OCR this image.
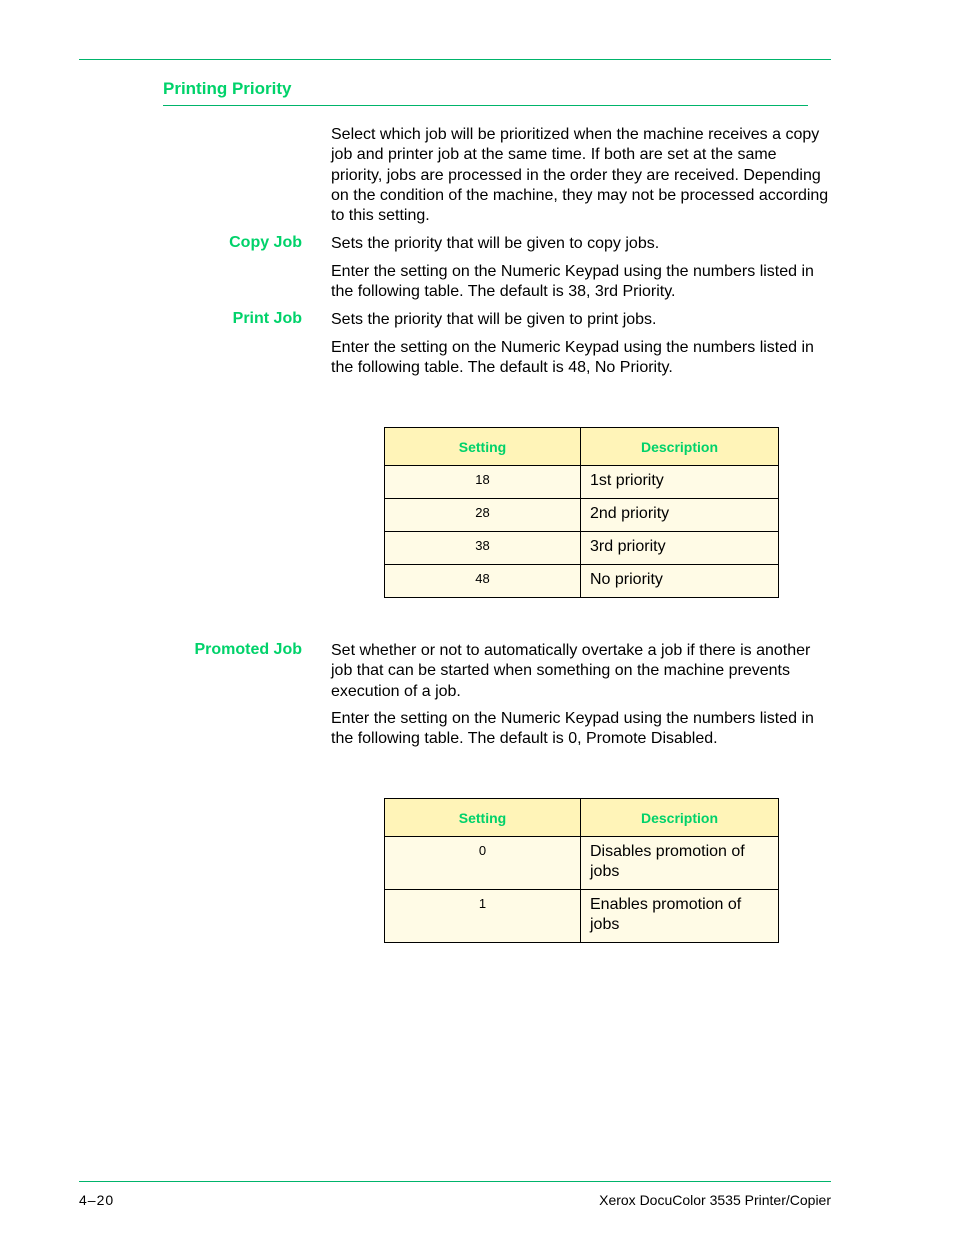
Printing Priority

Select which job will be prioritized when the machine receives a copy job and printer job at the same time. If both are set at the same priority, jobs are processed in the order they are received. Depending on the condition of the machine, they may not be processed according to this setting.

Copy Job Sets the priority that will be given to copy jobs.

Enter the setting on the Numeric Keypad using the numbers listed in the following table. The default is 38, 3rd Priority.

Print Job Sets the priority that will be given to print jobs.

Enter the setting on the Numeric Keypad using the numbers listed in the following table. The default is 48, No Priority.

Setting	Description
18	1st priority
28	2nd priority
38	3rd priority
48	No priority
Promoted Job Set whether or not to automatically overtake a job if there is another job that can be started when something on the machine prevents execution of a job.

Enter the setting on the Numeric Keypad using the numbers listed in the following table. The default is 0, Promote Disabled.

Setting	Description
0	Disables promotion of jobs
1	Enables promotion of jobs
4–20	Xerox DocuColor 3535 Printer/Copier
